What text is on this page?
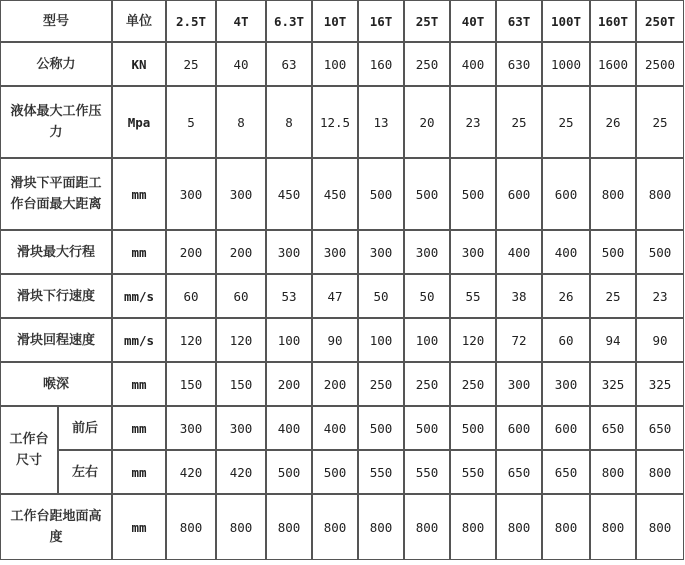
型号		单位	2.5T	4T	6.3T	10T	16T	25T	40T	63T	100T	160T	250T
公称力		KN	25	40	63	100	160	250	400	630	1000	1600	2500
液体最大工作压力		Mpa	5	8	8	12.5	13	20	23	25	25	26	25
滑块下平面距工作台面最大距离		mm	300	300	450	450	500	500	500	600	600	800	800
滑块最大行程		mm	200	200	300	300	300	300	300	400	400	500	500
滑块下行速度		mm/s	60	60	53	47	50	50	55	38	26	25	23
滑块回程速度		mm/s	120	120	100	90	100	100	120	72	60	94	90
喉深		mm	150	150	200	200	250	250	250	300	300	325	325
工作台尺寸	前后	mm	300	300	400	400	500	500	500	600	600	650	650
	左右	mm	420	420	500	500	550	550	550	650	650	800	800
工作台距地面高度		mm	800	800	800	800	800	800	800	800	800	800	800
